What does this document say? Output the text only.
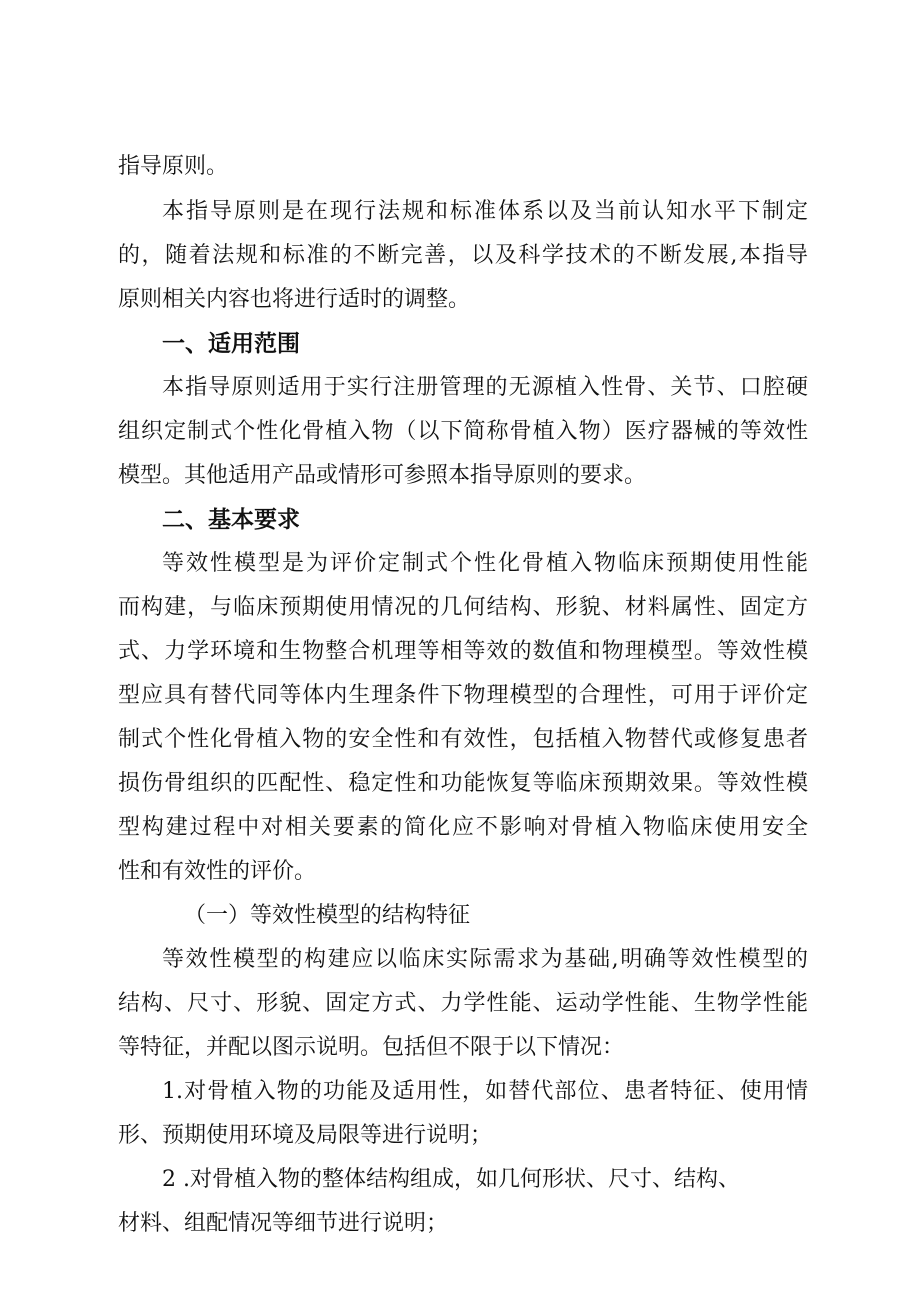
指导原则。
本指导原则是在现行法规和标准体系以及当前认知水平下制定
的，随着法规和标准的不断完善，以及科学技术的不断发展,本指导
原则相关内容也将进行适时的调整。
一、适用范围
本指导原则适用于实行注册管理的无源植入性骨、关节、口腔硬
组织定制式个性化骨植入物（以下简称骨植入物）医疗器械的等效性
模型。其他适用产品或情形可参照本指导原则的要求。
二、基本要求
等效性模型是为评价定制式个性化骨植入物临床预期使用性能
而构建，与临床预期使用情况的几何结构、形貌、材料属性、固定方
式、力学环境和生物整合机理等相等效的数值和物理模型。等效性模
型应具有替代同等体内生理条件下物理模型的合理性，可用于评价定
制式个性化骨植入物的安全性和有效性，包括植入物替代或修复患者
损伤骨组织的匹配性、稳定性和功能恢复等临床预期效果。等效性模
型构建过程中对相关要素的简化应不影响对骨植入物临床使用安全
性和有效性的评价。
（一）等效性模型的结构特征
等效性模型的构建应以临床实际需求为基础,明确等效性模型的
结构、尺寸、形貌、固定方式、力学性能、运动学性能、生物学性能
等特征，并配以图示说明。包括但不限于以下情况：
1.对骨植入物的功能及适用性，如替代部位、患者特征、使用情
形、预期使用环境及局限等进行说明；
2 .对骨植入物的整体结构组成，如几何形状、尺寸、结构、
材料、组配情况等细节进行说明；
